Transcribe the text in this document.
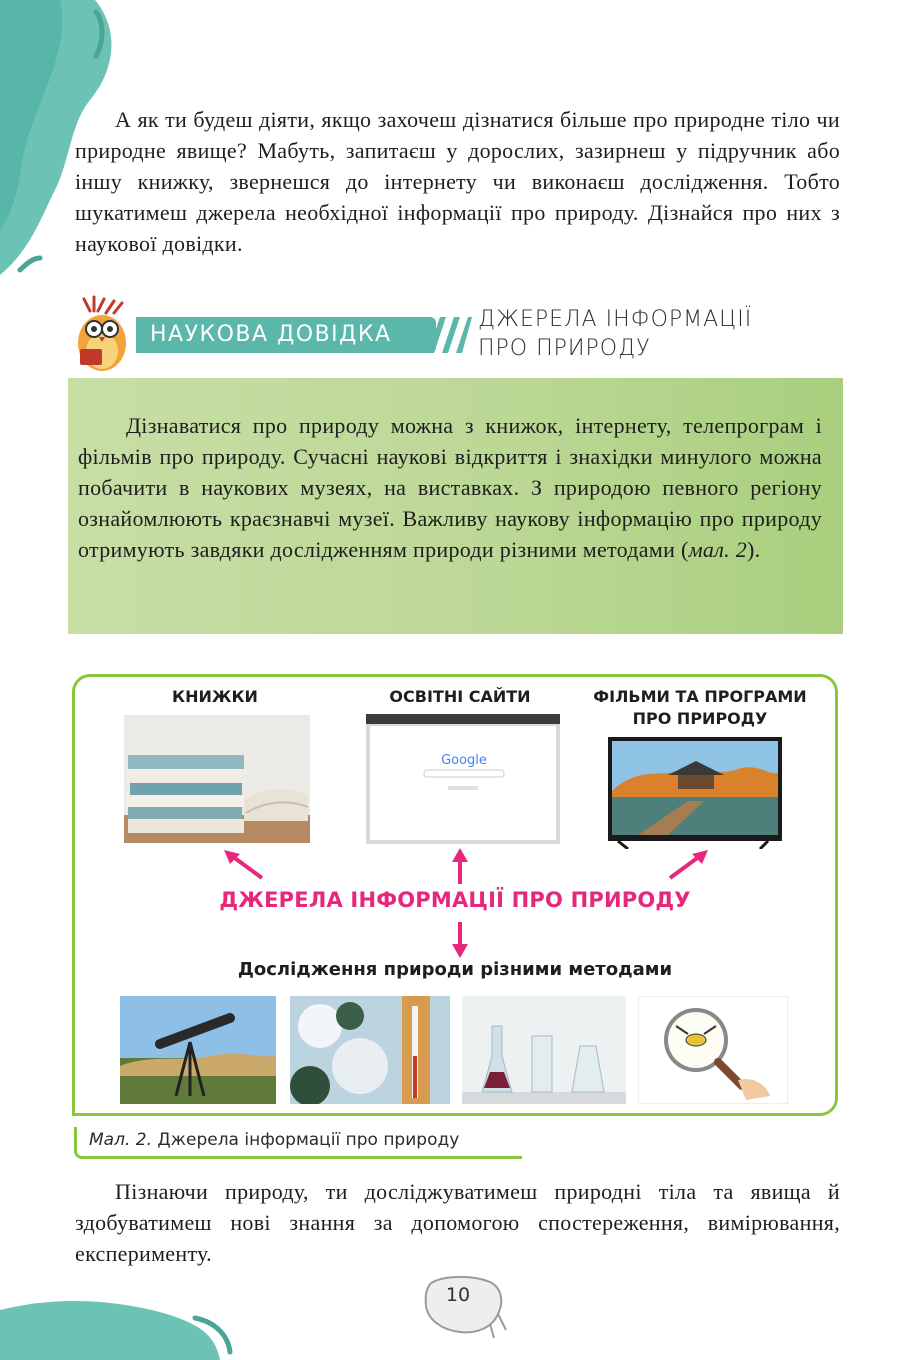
А як ти будеш діяти, якщо захочеш дізнатися більше про природне тіло чи природне явище? Мабуть, запитаєш у дорослих, зазирнеш у підручник або іншу книжку, звернешся до інтернету чи виконаєш дослідження. Тобто шукатимеш джерела необхідної інформації про природу. Дізнайся про них з наукової довідки.
НАУКОВА ДОВІДКА
ДЖЕРЕЛА ІНФОРМАЦІЇ
ПРО ПРИРОДУ
Дізнаватися про природу можна з книжок, інтернету, телепрограм і фільмів про природу. Сучасні наукові відкриття і знахідки минулого можна побачити в наукових музеях, на виставках. З природою певного регіону ознайомлюють краєзнавчі музеї. Важливу наукову інформацію про природу отримують завдяки дослідженням природи різними методами (мал. 2).
КНИЖКИ	ОСВІТНІ САЙТИ	ФІЛЬМИ ТА ПРОГРАМИ
ПРО ПРИРОДУ
Google
ДЖЕРЕЛА ІНФОРМАЦІЇ ПРО ПРИРОДУ
Дослідження природи різними методами
Мал. 2. Джерела інформації про природу
Пізнаючи природу, ти досліджуватимеш природні тіла та явища й здобуватимеш нові знання за допомогою спостереження, вимірювання, експерименту.
10
